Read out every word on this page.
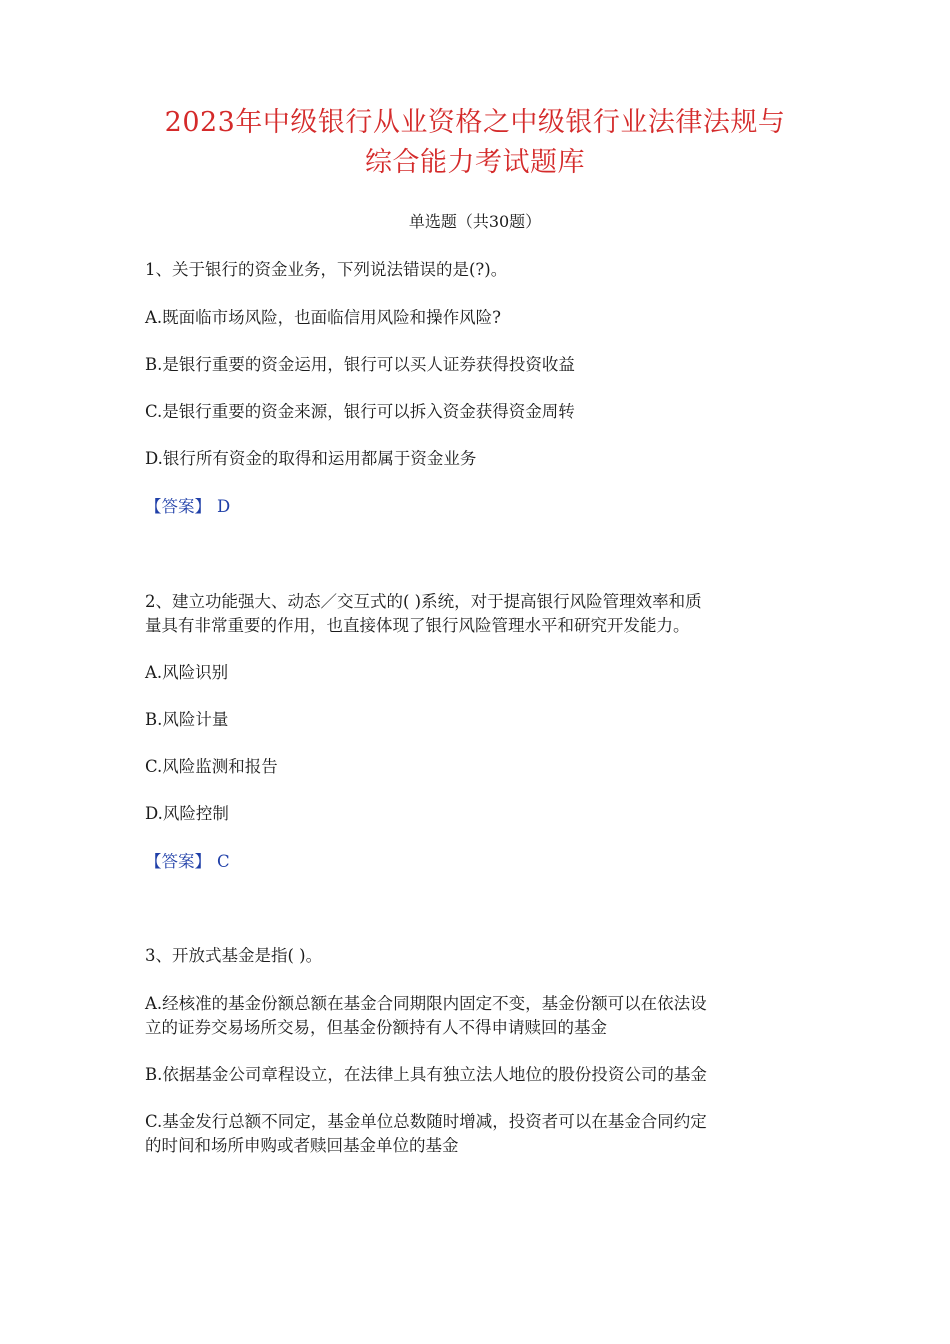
2023年中级银行从业资格之中级银行业法律法规与
综合能力考试题库
单选题（共30题）
1、关于银行的资金业务，下列说法错误的是(?)。
A.既面临市场风险，也面临信用风险和操作风险?
B.是银行重要的资金运用，银行可以买人证券获得投资收益
C.是银行重要的资金来源，银行可以拆入资金获得资金周转
D.银行所有资金的取得和运用都属于资金业务
【答案】 D
2、建立功能强大、动态／交互式的( )系统，对于提高银行风险管理效率和质
量具有非常重要的作用，也直接体现了银行风险管理水平和研究开发能力。
A.风险识别
B.风险计量
C.风险监测和报告
D.风险控制
【答案】 C
3、开放式基金是指( )。
A.经核准的基金份额总额在基金合同期限内固定不变，基金份额可以在依法设
立的证券交易场所交易，但基金份额持有人不得申请赎回的基金
B.依据基金公司章程设立，在法律上具有独立法人地位的股份投资公司的基金
C.基金发行总额不同定，基金单位总数随时增减，投资者可以在基金合同约定
的时间和场所申购或者赎回基金单位的基金
